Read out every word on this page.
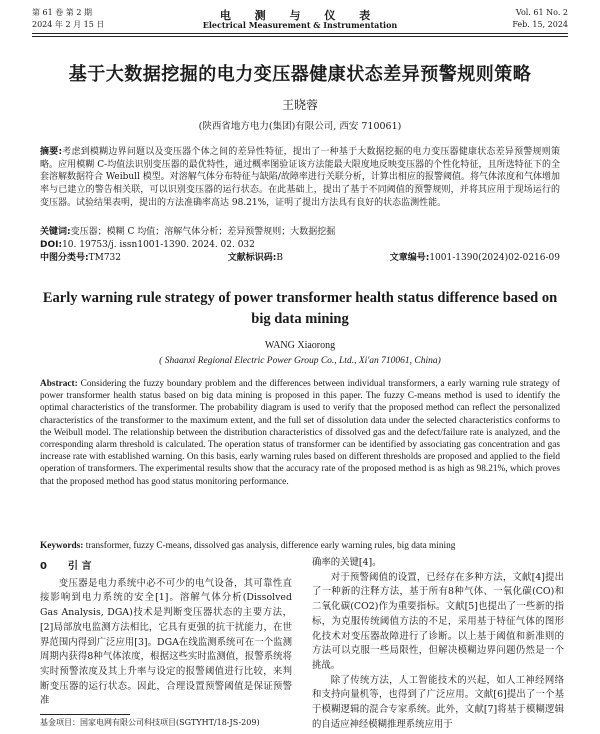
第 61 卷 第 2 期	Vol. 61 No. 2
2024 年 2 月 15 日	Feb. 15, 2024
电 测 与 仪 表
Electrical Measurement & Instrumentation
基于大数据挖掘的电力变压器健康状态差异预警规则策略
王晓蓉
(陕西省地方电力(集团)有限公司, 西安 710061)
摘要:考虑到模糊边界问题以及变压器个体之间的差异性特征，提出了一种基于大数据挖掘的电力变压器健康状态差异预警规则策略。应用模糊 C-均值法识别变压器的最优特性，通过概率图验证该方法能最大限度地反映变压器的个性化特征，且所选特征下的全套溶解数据符合 Weibull 模型。对溶解气体分布特征与缺陷/故障率进行关联分析，计算出相应的报警阈值。将气体浓度和气体增加率与已建立的警告相关联，可以识别变压器的运行状态。在此基础上，提出了基于不同阈值的预警规则，并将其应用于现场运行的变压器。试验结果表明，提出的方法准确率高达 98.21%，证明了提出方法具有良好的状态监测性能。
关键词:变压器；模糊 C 均值；溶解气体分析；差异预警规则；大数据挖掘
DOI:10. 19753/j. issn1001-1390. 2024. 02. 032
中图分类号:TM732	文献标识码:B	文章编号:1001-1390(2024)02-0216-09
Early warning rule strategy of power transformer health status difference based on big data mining
WANG Xiaorong
( Shaanxi Regional Electric Power Group Co., Ltd., Xi'an 710061, China)
Abstract: Considering the fuzzy boundary problem and the differences between individual transformers, a early warning rule strategy of power transformer health status based on big data mining is proposed in this paper. The fuzzy C-means method is used to identify the optimal characteristics of the transformer. The probability diagram is used to verify that the proposed method can reflect the personalized characteristics of the transformer to the maximum extent, and the full set of dissolution data under the selected characteristics conforms to the Weibull model. The relationship between the distribution characteristics of dissolved gas and the defect/failure rate is analyzed, and the corresponding alarm threshold is calculated. The operation status of transformer can be identified by associating gas concentration and gas increase rate with established warning. On this basis, early warning rules based on different thresholds are proposed and applied to the field operation of transformers. The experimental results show that the accuracy rate of the proposed method is as high as 98.21%, which proves that the proposed method has good status monitoring performance.
Keywords: transformer, fuzzy C-means, dissolved gas analysis, difference early warning rules, big data mining
0 引 言

变压器是电力系统中必不可少的电气设备，其可靠性直接影响到电力系统的安全[1]。溶解气体分析(Dissolved Gas Analysis, DGA)技术是判断变压器状态的主要方法，[2]局部放电监测方法相比，它具有更强的抗干扰能力，在世界范围内得到广泛应用[3]。DGA在线监测系统可在一个监测周期内获得8种气体浓度，根据这些实时监测值，报警系统将实时预警浓度及其上升率与设定的报警阈值进行比较，来判断变压器的运行状态。因此，合理设置预警阈值是保证预警准

确率的关键[4]。

对于预警阈值的设置，已经存在多种方法，文献[4]提出了一种新的注释方法，基于所有8种气体、一氧化碳(CO)和二氧化碳(CO2)作为重要指标。文献[5]也提出了一些新的指标，为克服传统阈值方法的不足，采用基于特征气体的图形化技术对变压器故障进行了诊断。以上基于阈值和新准则的方法可以克服一些局限性，但解决模糊边界问题仍然是一个挑战。

除了传统方法，人工智能技术的兴起，如人工神经网络和支持向量机等，也得到了广泛应用。文献[6]提出了一个基于模糊逻辑的混合专家系统。此外，文献[7]将基于模糊逻辑的自适应神经模糊推理系统应用于

基金项目：国家电网有限公司科技项目(SGTYHT/18-JS-209)
